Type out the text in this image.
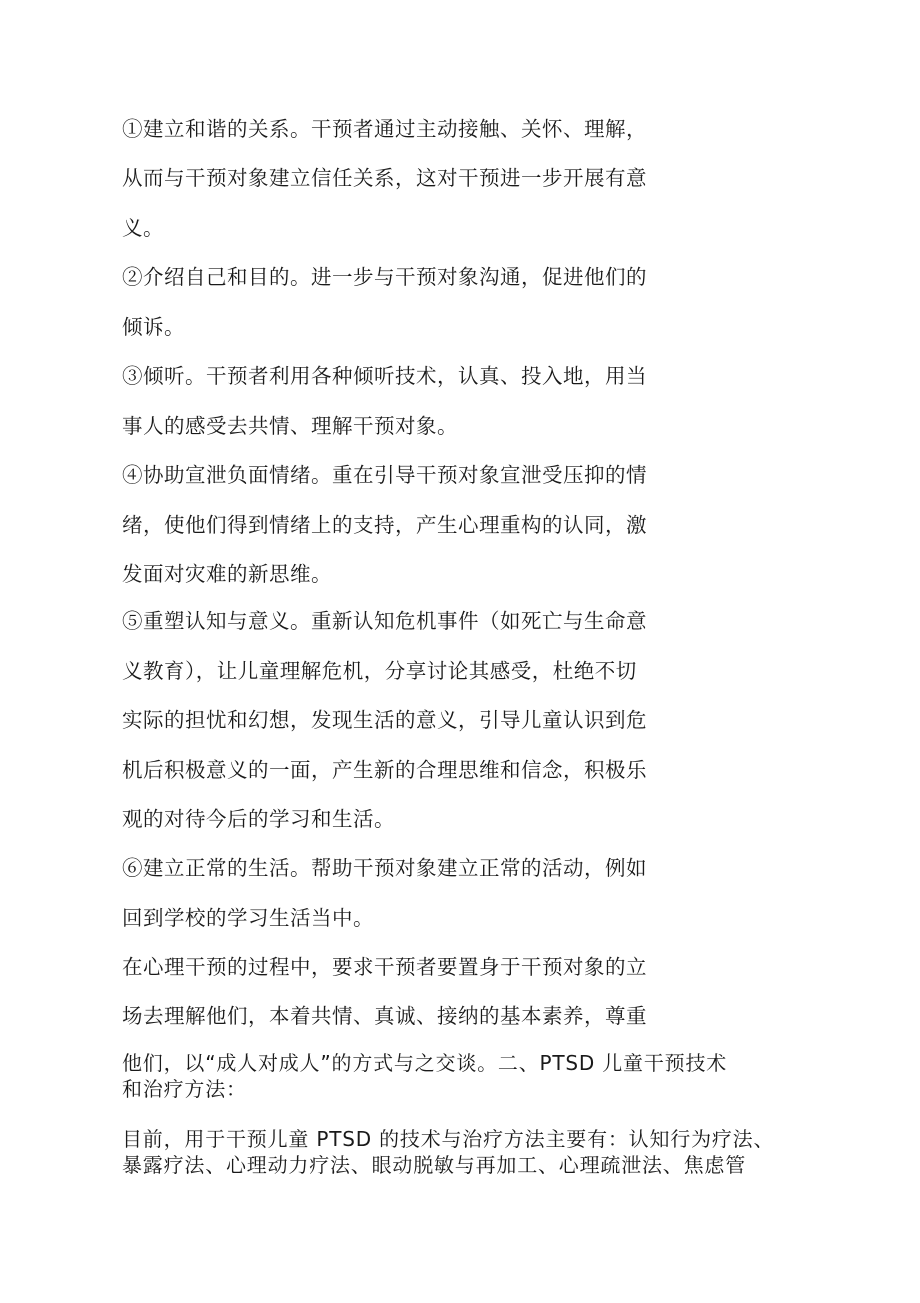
①建立和谐的关系。干预者通过主动接触、关怀、理解，

从而与干预对象建立信任关系，这对干预进一步开展有意

义。

②介绍自己和目的。进一步与干预对象沟通，促进他们的

倾诉。

③倾听。干预者利用各种倾听技术，认真、投入地，用当

事人的感受去共情、理解干预对象。

④协助宣泄负面情绪。重在引导干预对象宣泄受压抑的情

绪，使他们得到情绪上的支持，产生心理重构的认同，激

发面对灾难的新思维。

⑤重塑认知与意义。重新认知危机事件（如死亡与生命意

义教育），让儿童理解危机，分享讨论其感受，杜绝不切

实际的担忧和幻想，发现生活的意义，引导儿童认识到危

机后积极意义的一面，产生新的合理思维和信念，积极乐

观的对待今后的学习和生活。

⑥建立正常的生活。帮助干预对象建立正常的活动，例如

回到学校的学习生活当中。

在心理干预的过程中，要求干预者要置身于干预对象的立

场去理解他们，本着共情、真诚、接纳的基本素养，尊重

他们，以“成人对成人”的方式与之交谈。二、PTSD 儿童干预技术

和治疗方法：

目前，用于干预儿童 PTSD 的技术与治疗方法主要有：认知行为疗法、

暴露疗法、心理动力疗法、眼动脱敏与再加工、心理疏泄法、焦虑管
